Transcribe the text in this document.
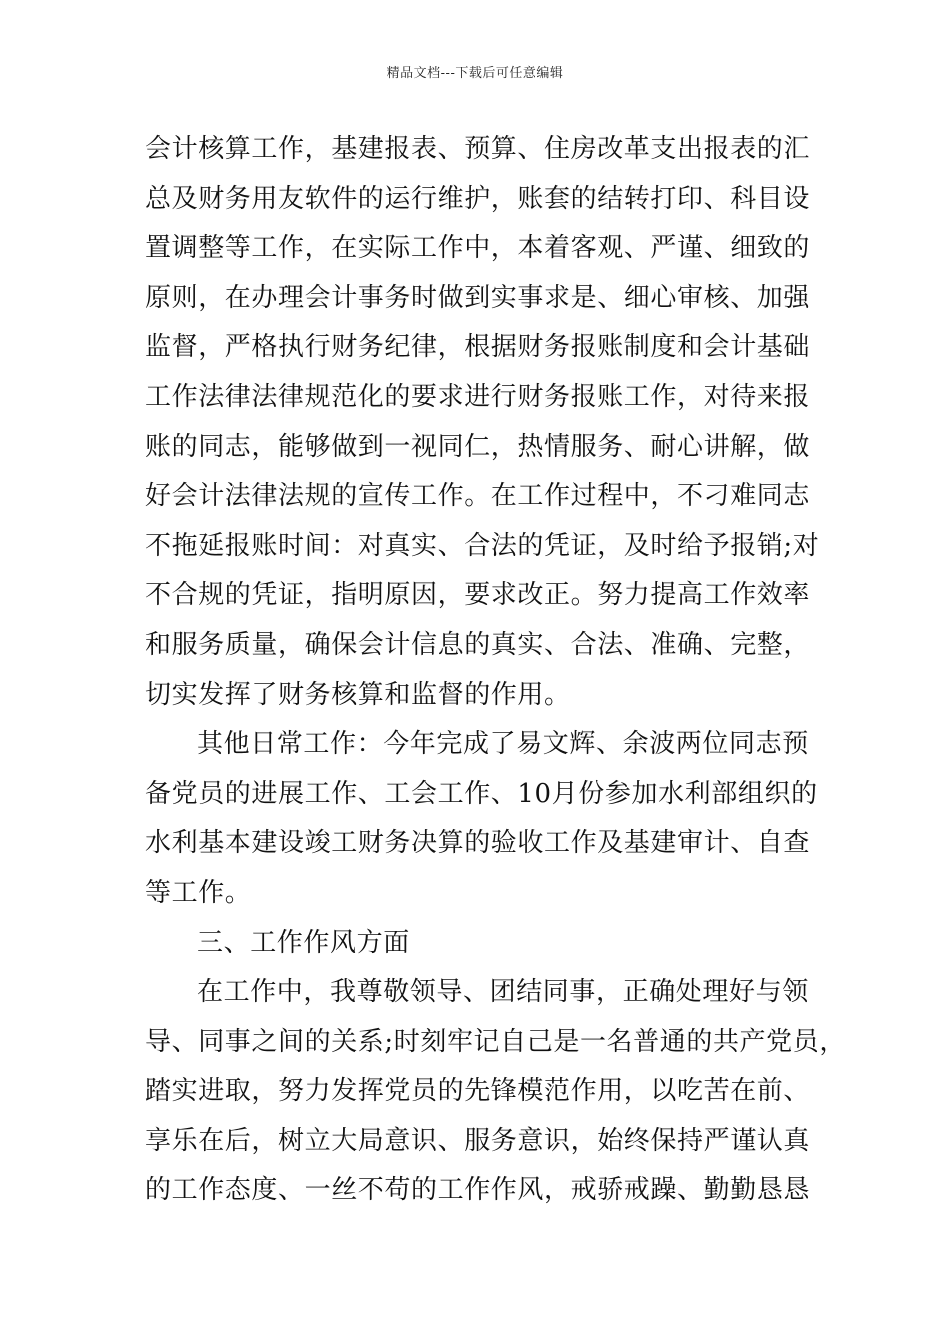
精品文档---下载后可任意编辑
会计核算工作，基建报表、预算、住房改革支出报表的汇
总及财务用友软件的运行维护，账套的结转打印、科目设
置调整等工作，在实际工作中，本着客观、严谨、细致的
原则，在办理会计事务时做到实事求是、细心审核、加强
监督，严格执行财务纪律，根据财务报账制度和会计基础
工作法律法律规范化的要求进行财务报账工作，对待来报
账的同志，能够做到一视同仁，热情服务、耐心讲解，做
好会计法律法规的宣传工作。在工作过程中，不刁难同志
不拖延报账时间：对真实、合法的凭证，及时给予报销;对
不合规的凭证，指明原因，要求改正。努力提高工作效率
和服务质量，确保会计信息的真实、合法、准确、完整，
切实发挥了财务核算和监督的作用。
其他日常工作：今年完成了易文辉、余波两位同志预
备党员的进展工作、工会工作、10月份参加水利部组织的
水利基本建设竣工财务决算的验收工作及基建审计、自查
等工作。
三、工作作风方面
在工作中，我尊敬领导、团结同事，正确处理好与领
导、同事之间的关系;时刻牢记自己是一名普通的共产党员，
踏实进取，努力发挥党员的先锋模范作用，以吃苦在前、
享乐在后，树立大局意识、服务意识，始终保持严谨认真
的工作态度、一丝不苟的工作作风，戒骄戒躁、勤勤恳恳
